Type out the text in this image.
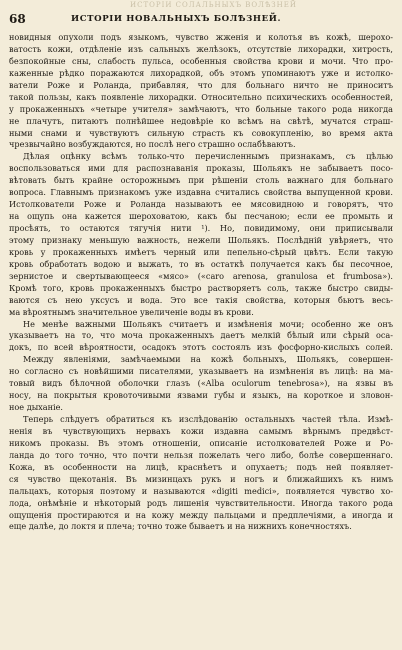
ИСТОРІИ СОЛАЛЬНЫХЪ ВОЛѢЗНЕЙ
68	ИСТОРІИ НОВАЛЬНЫХЪ БОЛѢЗНЕЙ.
новидныя опухоли подъ языкомъ, чувство жженія и колотья въ кожѣ, шерохо-
ватость кожи, отдѣленіе изъ сальныхъ желѣзокъ, отсутствіе лихорадки, хитрость,
безпокойные сны, слабость пульса, особенныя свойства крови и мочи. Что про-
каженные рѣдко поражаются лихорадкой, объ этомъ упоминаютъ уже и истолко-
ватели Роже и Роланда, прибавляя, что для больнаго ничто не приноситъ
такой пользы, какъ появленіе лихорадки. Относительно психическихъ особенностей,
у прокаженныхъ «четыре учителя» замѣчаютъ, что больные такого рода никогда
не плачутъ, питаютъ полнѣйшее недовѣріе ко всѣмъ на свѣтѣ, мучатся страш-
ными снами и чувствуютъ сильную страсть къ совокупленію, во время акта
чрезвычайно возбуждаются, но послѣ него страшно ослабѣваютъ.
Дѣлая оцѣнку всѣмъ только-что перечисленнымъ признакамъ, съ цѣлью
воспользоваться ими для распознаванія проказы, Шольякъ не забываетъ посо-
вѣтовать быть крайне осторожнымъ при рѣшеніи столь важнаго для больнаго
вопроса. Главнымъ признакомъ уже издавна считались свойства выпущенной крови.
Истолкователи Роже и Роланда называютъ ее мясовидною и говорятъ, что
на ощупь она кажется шероховатою, какъ бы песчаною; если ее промыть и
просѣять, то остаются тягучія нити ¹). Но, повидимому, они приписывали
этому признаку меньшую важность, нежели Шольякъ. Послѣдній увѣряетъ, что
кровь у прокаженныхъ имѣетъ черный или пепельно-сѣрый цвѣтъ. Если такую
кровь обработать водою и выжать, то въ остаткѣ получается какъ бы песочное,
зернистое и свертывающееся «мясо» («caro arenosa, granulosa et frumbosa»).
Кромѣ того, кровь прокаженныхъ быстро растворяетъ соль, также быстро свиды-
ваются съ нею уксусъ и вода. Это все такія свойства, которыя бьютъ весь-
ма вѣроятнымъ значительное увеличеніе воды въ крови.
Не менѣе важными Шольякъ считаетъ и измѣненія мочи; особенно же онъ
указываетъ на то, что моча прокаженныхъ даетъ мелкій бѣлый или сѣрый оса-
докъ, по всей вѣроятности, осадокъ этотъ состоялъ изъ фосфорно-кислыхъ солей.
Между явленіями, замѣчаемыми на кожѣ больныхъ, Шольякъ, совершен-
но согласно съ новѣйшими писателями, указываетъ на измѣненія въ лицѣ: на ма-
товый видъ бѣлочной оболочки глазъ («Alba oculorum tenebrosa»), на язвы въ
носу, на покрытыя кровоточивыми язвами губы и языкъ, на короткое и зловон-
ное дыханіе.
Теперь слѣдуетъ обратиться къ изслѣдованію остальныхъ частей тѣла. Измѣ-
ненія въ чувствующихъ нервахъ кожи издавна самымъ вѣрнымъ предвѣст-
никомъ проказы. Въ этомъ отношеніи, описаніе истолкователей Роже и Ро-
ланда до того точно, что почти нельзя пожелать чего либо, болѣе совершеннаго.
Кожа, въ особенности на лицѣ, краснѣетъ и опухаетъ; подъ ней появляет-
ся чувство щекотанія. Въ мизинцахъ рукъ и ногъ и ближайшихъ къ нимъ
пальцахъ, которыя поэтому и называются «digiti medici», появляется чувство хо-
лода, онѣмѣніе и нѣкоторый родъ лишенія чувствительности. Иногда такого рода
ощущенія простираются и на кожу между пальцами и предплечіями, а иногда и
еще далѣе, до локтя и плеча; точно тоже бываетъ и на нижнихъ конечностяхъ.
